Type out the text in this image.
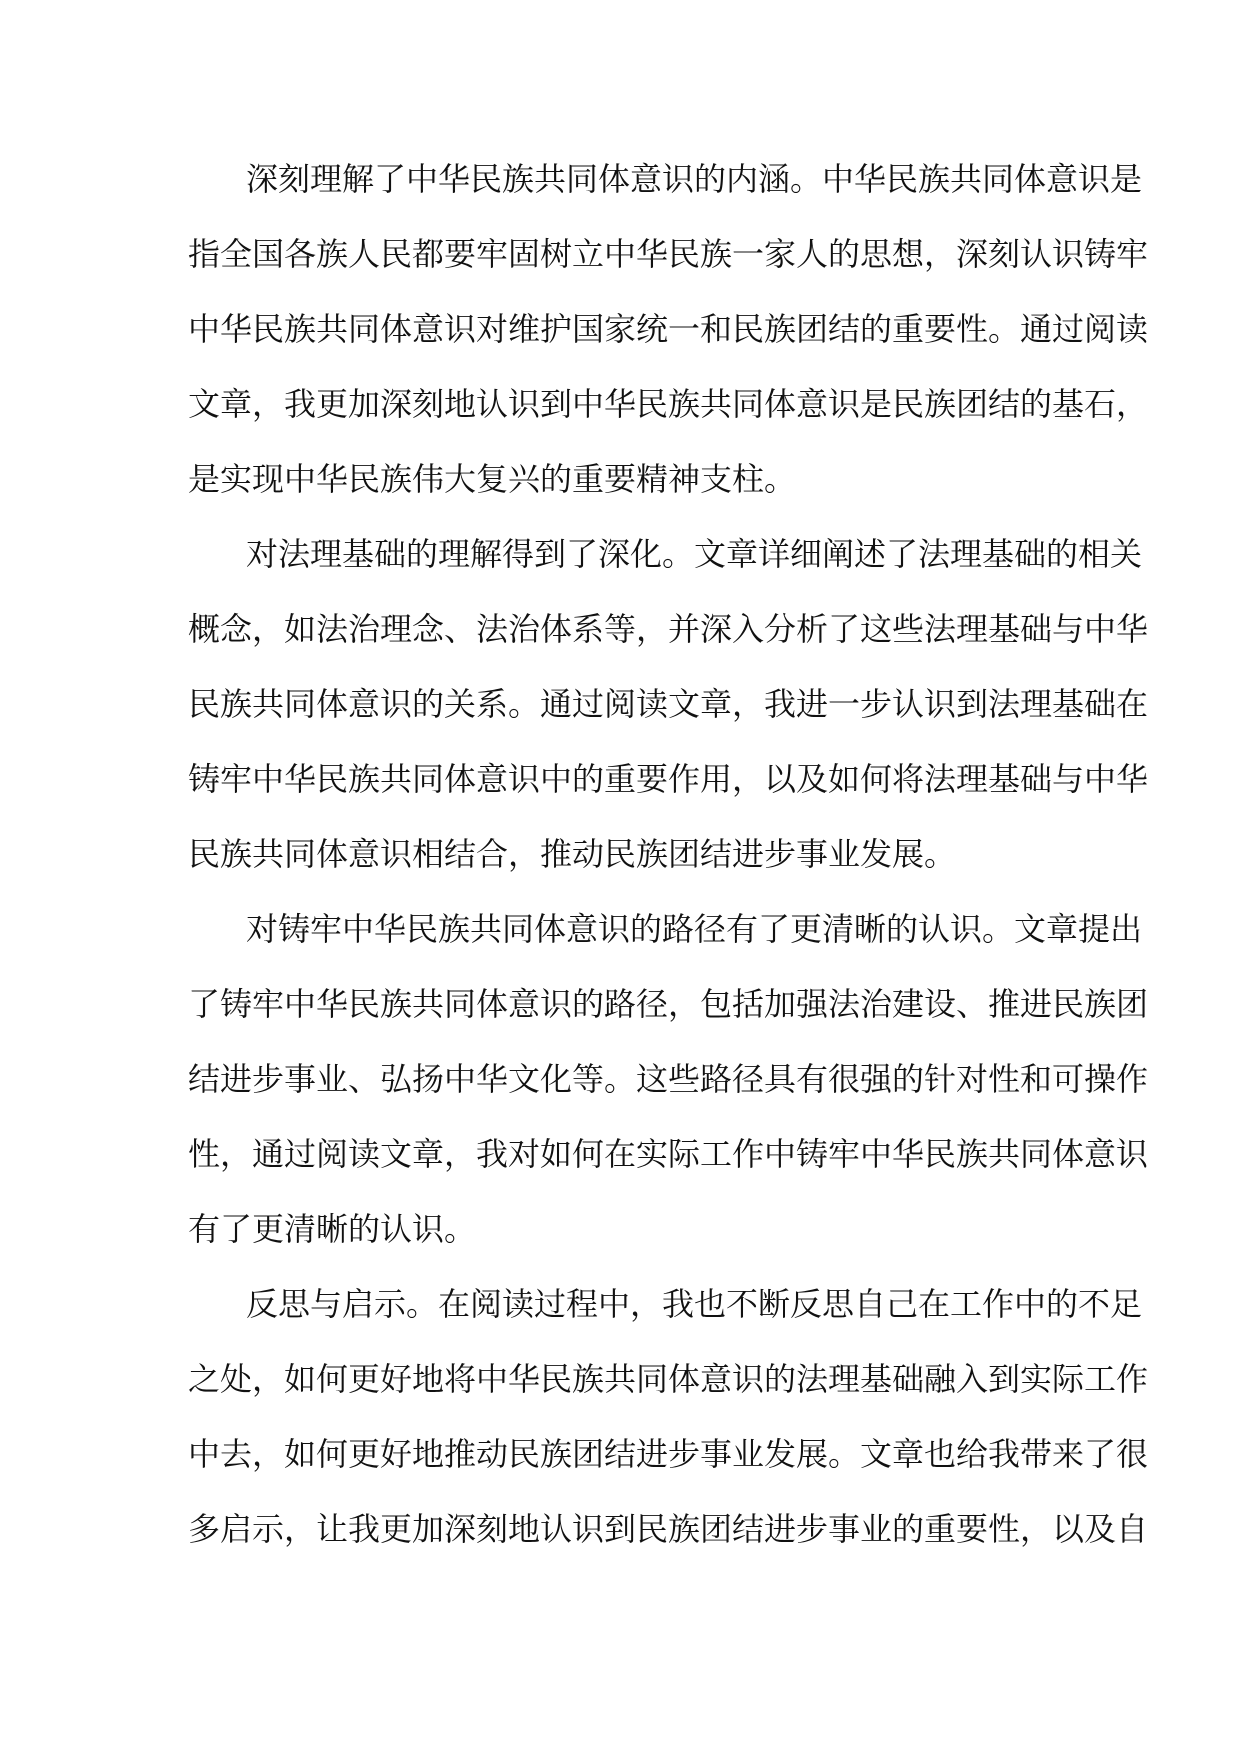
深刻理解了中华民族共同体意识的内涵。中华民族共同体意识是
指全国各族人民都要牢固树立中华民族一家人的思想，深刻认识铸牢
中华民族共同体意识对维护国家统一和民族团结的重要性。通过阅读
文章，我更加深刻地认识到中华民族共同体意识是民族团结的基石，
是实现中华民族伟大复兴的重要精神支柱。
对法理基础的理解得到了深化。文章详细阐述了法理基础的相关
概念，如法治理念、法治体系等，并深入分析了这些法理基础与中华
民族共同体意识的关系。通过阅读文章，我进一步认识到法理基础在
铸牢中华民族共同体意识中的重要作用，以及如何将法理基础与中华
民族共同体意识相结合，推动民族团结进步事业发展。
对铸牢中华民族共同体意识的路径有了更清晰的认识。文章提出
了铸牢中华民族共同体意识的路径，包括加强法治建设、推进民族团
结进步事业、弘扬中华文化等。这些路径具有很强的针对性和可操作
性，通过阅读文章，我对如何在实际工作中铸牢中华民族共同体意识
有了更清晰的认识。
反思与启示。在阅读过程中，我也不断反思自己在工作中的不足
之处，如何更好地将中华民族共同体意识的法理基础融入到实际工作
中去，如何更好地推动民族团结进步事业发展。文章也给我带来了很
多启示，让我更加深刻地认识到民族团结进步事业的重要性，以及自
